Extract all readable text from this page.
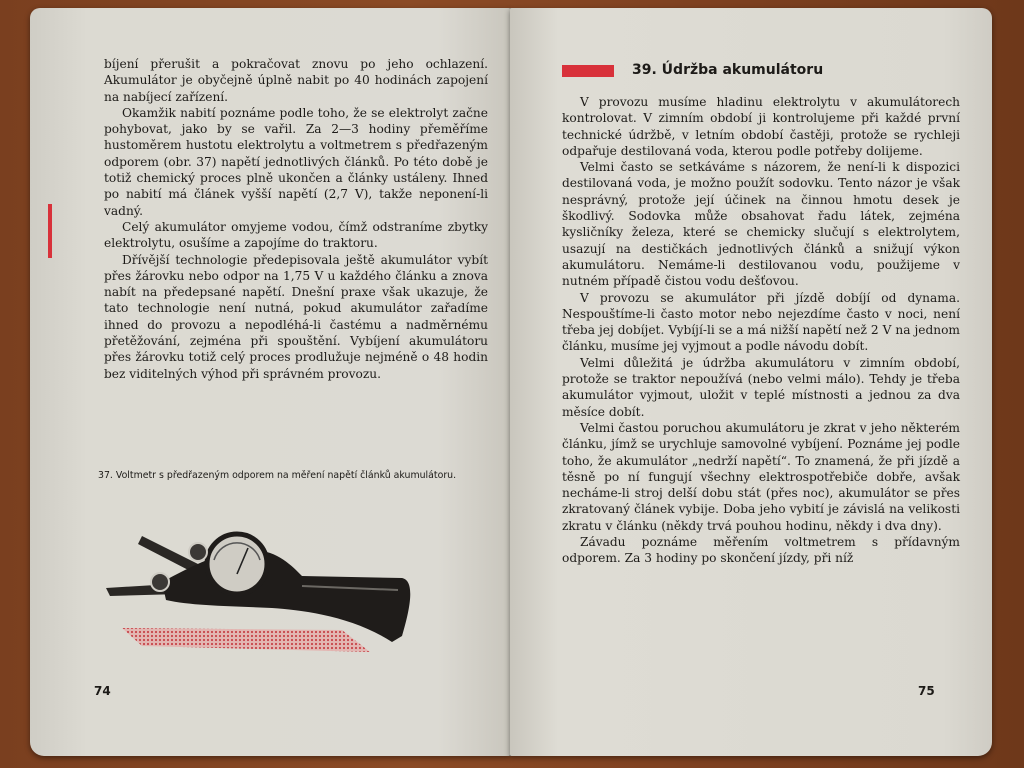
bíjení přerušit a pokračovat znovu po jeho ochlazení. Akumulátor je obyčejně úplně nabit po 40 hodinách zapojení na nabíjecí zařízení.

Okamžik nabití poznáme podle toho, že se elektrolyt začne pohybovat, jako by se vařil. Za 2—3 hodiny přeměříme hustoměrem hustotu elektrolytu a voltmetrem s předřazeným odporem (obr. 37) napětí jednotlivých článků. Po této době je totiž chemický proces plně ukončen a články ustáleny. Ihned po nabití má článek vyšší napětí (2,7 V), takže neponení-li vadný.

Celý akumulátor omyjeme vodou, čímž odstraníme zbytky elektrolytu, osušíme a zapojíme do traktoru.

Dřívější technologie předepisovala ještě akumulátor vybít přes žárovku nebo odpor na 1,75 V u každého článku a znova nabít na předepsané napětí. Dnešní praxe však ukazuje, že tato technologie není nutná, pokud akumulátor zařadíme ihned do provozu a nepodléhá-li častému a nadměrnému přetěžování, zejména při spouštění. Vybíjení akumulátoru přes žárovku totiž celý proces prodlužuje nejméně o 48 hodin bez viditelných výhod při správném provozu.

37. Voltmetr s předřazeným odporem na měření napětí článků akumulátoru.
74
39. Údržba akumulátoru

V provozu musíme hladinu elektrolytu v akumulátorech kontrolovat. V zimním období ji kontrolujeme při každé první technické údržbě, v letním období častěji, protože se rychleji odpařuje destilovaná voda, kterou podle potřeby dolijeme.

Velmi často se setkáváme s názorem, že není-li k dispozici destilovaná voda, je možno použít sodovku. Tento názor je však nesprávný, protože její účinek na činnou hmotu desek je škodlivý. Sodovka může obsahovat řadu látek, zejména kysličníky železa, které se chemicky slučují s elektrolytem, usazují na destičkách jednotlivých článků a snižují výkon akumulátoru. Nemáme-li destilovanou vodu, použijeme v nutném případě čistou vodu dešťovou.

V provozu se akumulátor při jízdě dobíjí od dynama. Nespouštíme-li často motor nebo nejezdíme často v noci, není třeba jej dobíjet. Vybíjí-li se a má nižší napětí než 2 V na jednom článku, musíme jej vyjmout a podle návodu dobít.

Velmi důležitá je údržba akumulátoru v zimním období, protože se traktor nepoužívá (nebo velmi málo). Tehdy je třeba akumulátor vyjmout, uložit v teplé místnosti a jednou za dva měsíce dobít.

Velmi častou poruchou akumulátoru je zkrat v jeho některém článku, jímž se urychluje samovolné vybíjení. Poznáme jej podle toho, že akumulátor „nedrží napětí“. To znamená, že při jízdě a těsně po ní fungují všechny elektrospotřebiče dobře, avšak necháme-li stroj delší dobu stát (přes noc), akumulátor se přes zkratovaný článek vybije. Doba jeho vybití je závislá na velikosti zkratu v článku (někdy trvá pouhou hodinu, někdy i dva dny).

Závadu poznáme měřením voltmetrem s přídavným odporem. Za 3 hodiny po skončení jízdy, při níž

75
